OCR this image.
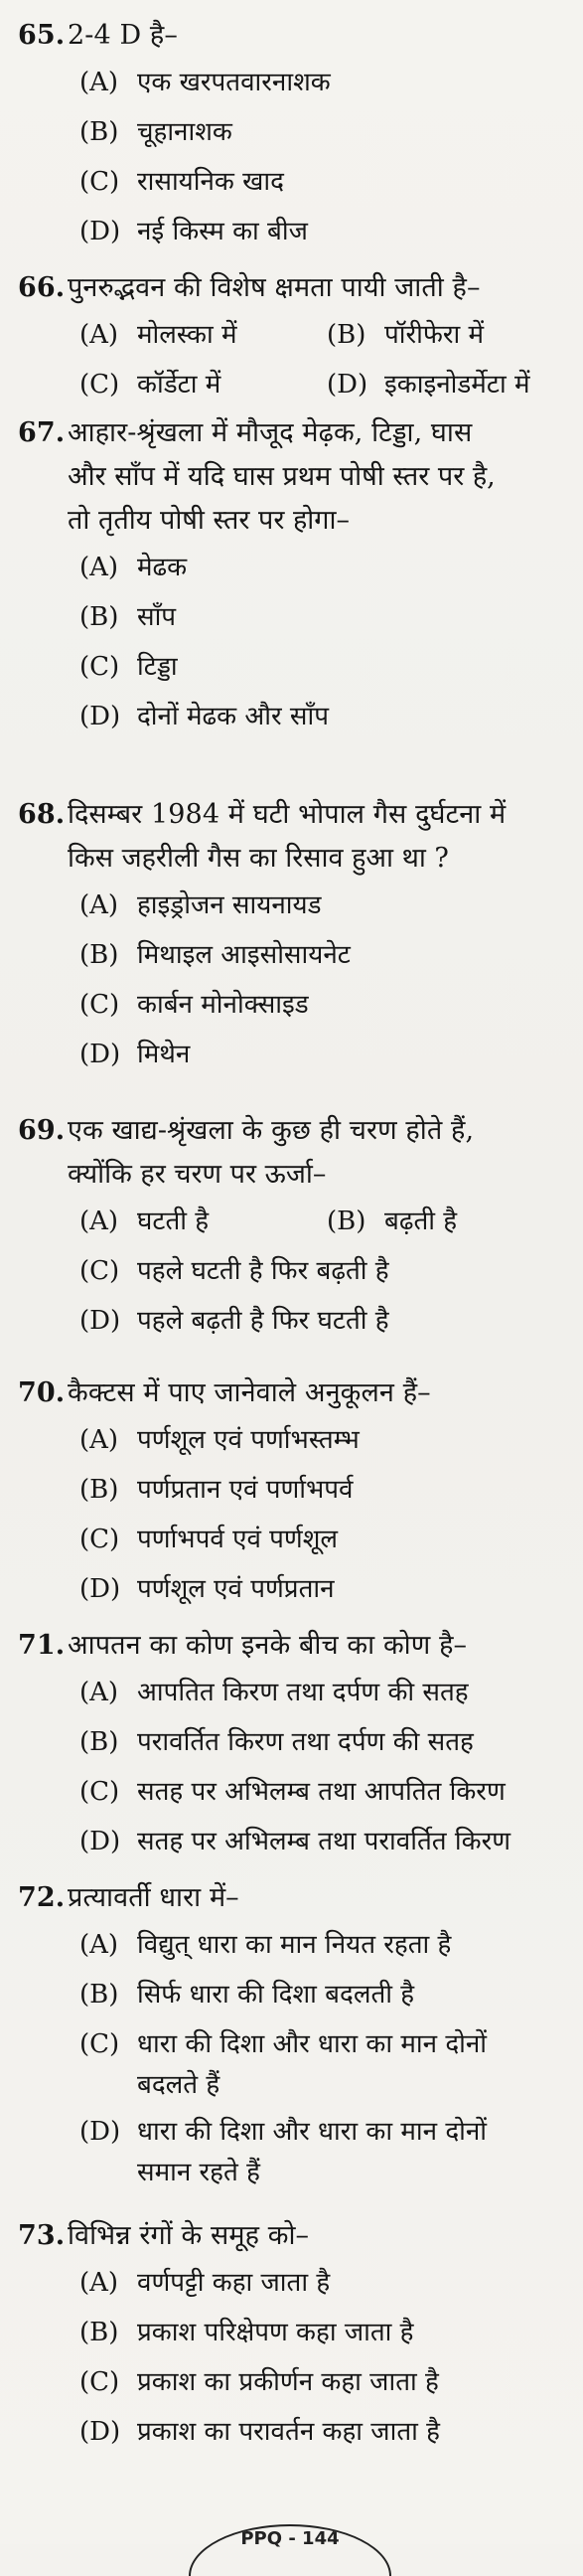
65. 2-4 D है–
(A) एक खरपतवारनाशक
(B) चूहानाशक
(C) रासायनिक खाद
(D) नई किस्म का बीज
66. पुनरुद्भवन की विशेष क्षमता पायी जाती है–
(A) मोलस्का में	(B) पॉरीफेरा में
(C) कॉर्डेटा में	(D) इकाइनोडर्मेटा में
67. आहार-श्रृंखला में मौजूद मेढ़क, टिड्डा, घास
और साँप में यदि घास प्रथम पोषी स्तर पर है,
तो तृतीय पोषी स्तर पर होगा–
(A) मेढक
(B) साँप
(C) टिड्डा
(D) दोनों मेढक और साँप
68. दिसम्बर 1984 में घटी भोपाल गैस दुर्घटना में
किस जहरीली गैस का रिसाव हुआ था ?
(A) हाइड्रोजन सायनायड
(B) मिथाइल आइसोसायनेट
(C) कार्बन मोनोक्साइड
(D) मिथेन
69. एक खाद्य-श्रृंखला के कुछ ही चरण होते हैं,
क्योंकि हर चरण पर ऊर्जा–
(A) घटती है	(B) बढ़ती है
(C) पहले घटती है फिर बढ़ती है
(D) पहले बढ़ती है फिर घटती है
70. कैक्टस में पाए जानेवाले अनुकूलन हैं–
(A) पर्णशूल एवं पर्णाभस्तम्भ
(B) पर्णप्रतान एवं पर्णाभपर्व
(C) पर्णाभपर्व एवं पर्णशूल
(D) पर्णशूल एवं पर्णप्रतान
71. आपतन का कोण इनके बीच का कोण है–
(A) आपतित किरण तथा दर्पण की सतह
(B) परावर्तित किरण तथा दर्पण की सतह
(C) सतह पर अभिलम्ब तथा आपतित किरण
(D) सतह पर अभिलम्ब तथा परावर्तित किरण
72. प्रत्यावर्ती धारा में–
(A) विद्युत् धारा का मान नियत रहता है
(B) सिर्फ धारा की दिशा बदलती है
(C) धारा की दिशा और धारा का मान दोनों
बदलते हैं
(D) धारा की दिशा और धारा का मान दोनों
समान रहते हैं
73. विभिन्न रंगों के समूह को–
(A) वर्णपट्टी कहा जाता है
(B) प्रकाश परिक्षेपण कहा जाता है
(C) प्रकाश का प्रकीर्णन कहा जाता है
(D) प्रकाश का परावर्तन कहा जाता है
PPQ - 144
